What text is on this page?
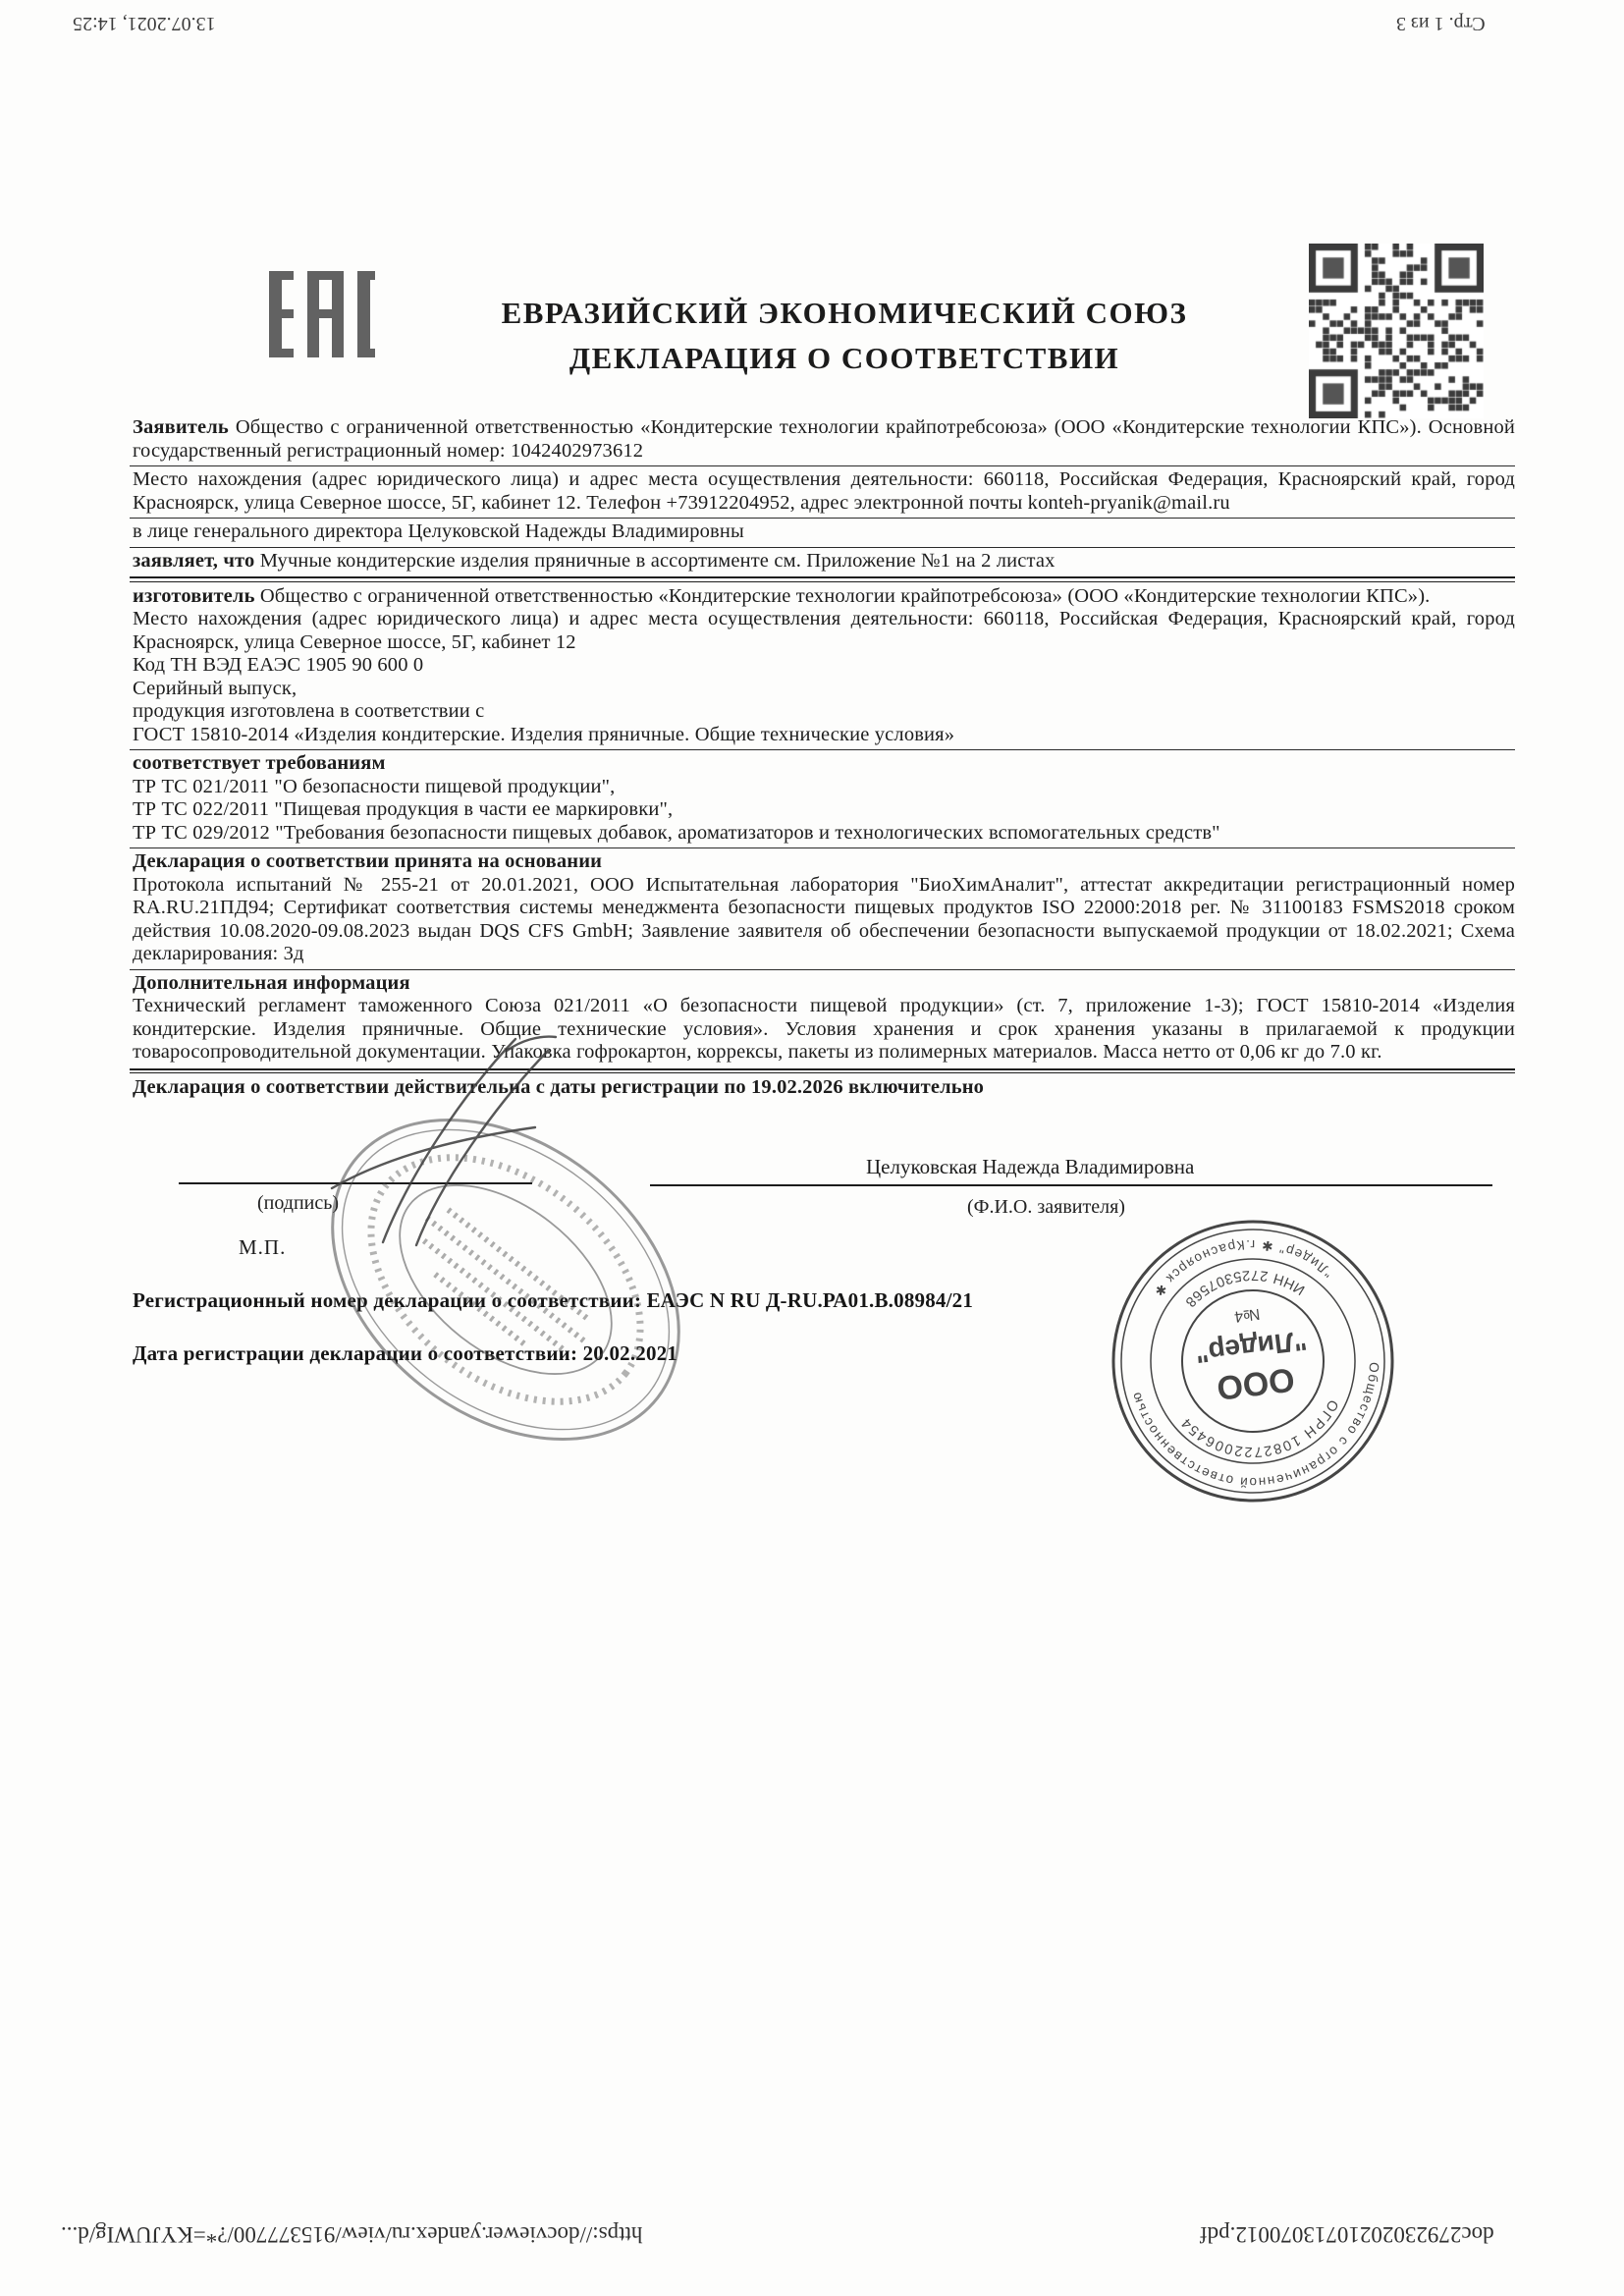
13.07.2021, 14:25	Стр. 1 из 3
https://docviewer.yandex.ru/view/915377700/?*=KYJUWIg/d...	doc27923020210713070012.pdf
ЕВРАЗИЙСКИЙ ЭКОНОМИЧЕСКИЙ СОЮЗ
ДЕКЛАРАЦИЯ О СООТВЕТСТВИИ
Заявитель Общество с ограниченной ответственностью «Кондитерские технологии крайпотребсоюза» (ООО «Кондитерские технологии КПС»). Основной государственный регистрационный номер: 1042402973612
Место нахождения (адрес юридического лица) и адрес места осуществления деятельности: 660118, Российская Федерация, Красноярский край, город Красноярск, улица Северное шоссе, 5Г, кабинет 12. Телефон +73912204952, адрес электронной почты konteh-pryanik@mail.ru
в лице генерального директора Целуковской Надежды Владимировны
заявляет, что Мучные кондитерские изделия пряничные в ассортименте см. Приложение №1 на 2 листах
изготовитель Общество с ограниченной ответственностью «Кондитерские технологии крайпотребсоюза» (ООО «Кондитерские технологии КПС»).
Место нахождения (адрес юридического лица) и адрес места осуществления деятельности: 660118, Российская Федерация, Красноярский край, город Красноярск, улица Северное шоссе, 5Г, кабинет 12
Код ТН ВЭД ЕАЭС 1905 90 600 0
Серийный выпуск,
продукция изготовлена в соответствии с
ГОСТ 15810-2014 «Изделия кондитерские. Изделия пряничные. Общие технические условия»
соответствует требованиям
ТР ТС 021/2011 "О безопасности пищевой продукции",
ТР ТС 022/2011 "Пищевая продукция в части ее маркировки",
ТР ТС 029/2012 "Требования безопасности пищевых добавок, ароматизаторов и технологических вспомогательных средств"
Декларация о соответствии принята на основании
Протокола испытаний № 255-21 от 20.01.2021, ООО Испытательная лаборатория "БиоХимАналит", аттестат аккредитации регистрационный номер RA.RU.21ПД94; Сертификат соответствия системы менеджмента безопасности пищевых продуктов ISO 22000:2018 рег. № 31100183 FSMS2018 сроком действия 10.08.2020-09.08.2023 выдан DQS CFS GmbH; Заявление заявителя об обеспечении безопасности выпускаемой продукции от 18.02.2021; Схема декларирования: 3д
Дополнительная информация
Технический регламент таможенного Союза 021/2011 «О безопасности пищевой продукции» (ст. 7, приложение 1-3); ГОСТ 15810-2014 «Изделия кондитерские. Изделия пряничные. Общие технические условия». Условия хранения и срок хранения указаны в прилагаемой к продукции товаросопроводительной документации. Упаковка гофрокартон, коррексы, пакеты из полимерных материалов. Масса нетто от 0,06 кг до 7.0 кг.
Декларация о соответствии действительна с даты регистрации по 19.02.2026 включительно
Целуковская Надежда Владимировна
(подпись)	(Ф.И.О. заявителя)
М.П.
Регистрационный номер декларации о соответствии: ЕАЭС N RU Д-RU.РА01.В.08984/21
Дата регистрации декларации о соответствии: 20.02.2021
Общество с ограниченной ответственностью
"Лидер" ✱ г.Красноярск ✱
ОГРН 1082722006454
ИНН 2725307568
ООО
"Лидер"
№4
